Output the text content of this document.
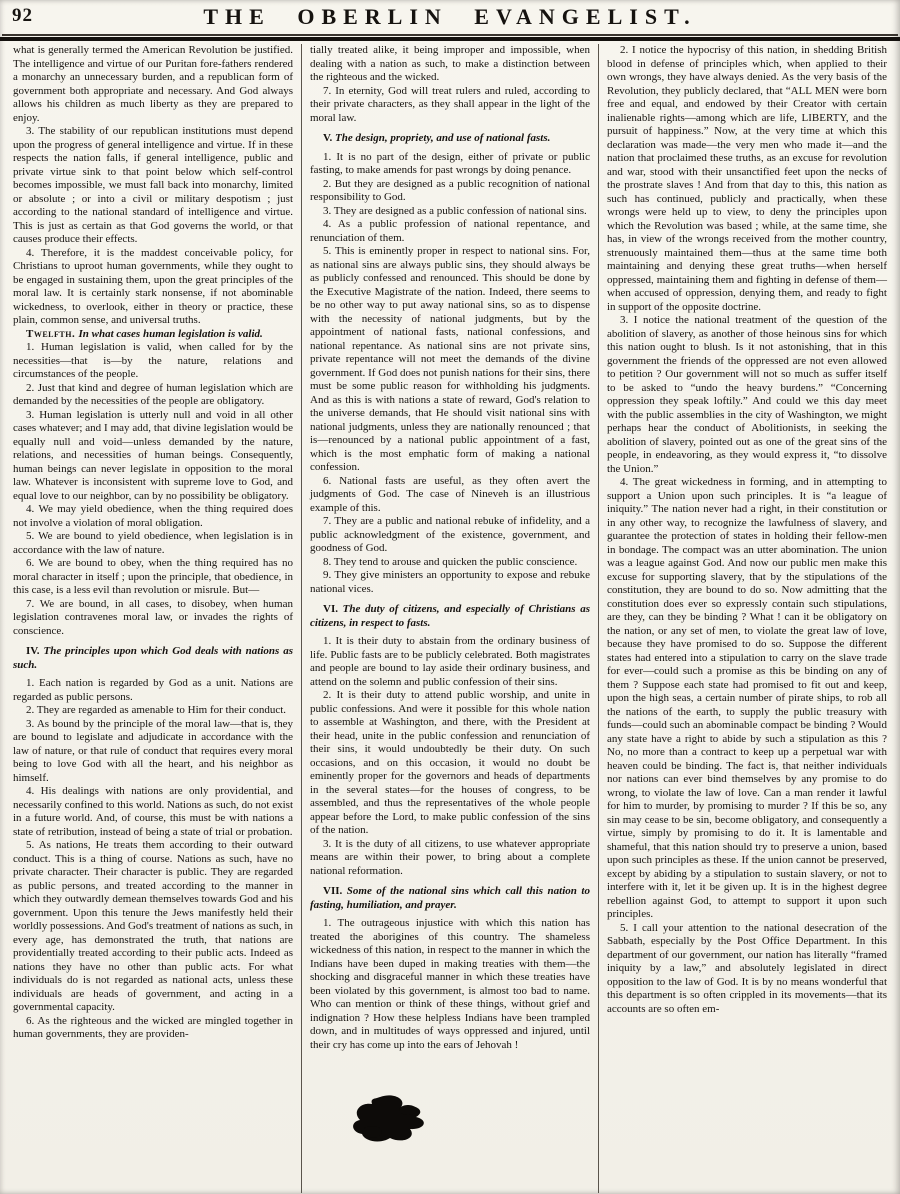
92	THE OBERLIN EVANGELIST.

what is generally termed the American Revolution be justified. The intelligence and virtue of our Puritan fore-fathers rendered a monarchy an unnecessary burden, and a republican form of government both appropriate and necessary. And God always allows his children as much liberty as they are prepared to enjoy.

3. The stability of our republican institutions must depend upon the progress of general intelligence and virtue. If in these respects the nation falls, if general intelligence, public and private virtue sink to that point below which self-control becomes impossible, we must fall back into monarchy, limited or absolute ; or into a civil or military despotism ; just according to the national standard of intelligence and virtue. This is just as certain as that God governs the world, or that causes produce their effects.

4. Therefore, it is the maddest conceivable policy, for Christians to uproot human governments, while they ought to be engaged in sustaining them, upon the great principles of the moral law. It is certainly stark nonsense, if not abominable wickedness, to overlook, either in theory or practice, these plain, common sense, and universal truths.

Twelfth. In what cases human legislation is valid.

1. Human legislation is valid, when called for by the necessities—that is—by the nature, relations and circumstances of the people.

2. Just that kind and degree of human legislation which are demanded by the necessities of the people are obligatory.

3. Human legislation is utterly null and void in all other cases whatever; and I may add, that divine legislation would be equally null and void—unless demanded by the nature, relations, and necessities of human beings. Consequently, human beings can never legislate in opposition to the moral law. Whatever is inconsistent with supreme love to God, and equal love to our neighbor, can by no possibility be obligatory.

4. We may yield obedience, when the thing required does not involve a violation of moral obligation.

5. We are bound to yield obedience, when legislation is in accordance with the law of nature.

6. We are bound to obey, when the thing required has no moral character in itself ; upon the principle, that obedience, in this case, is a less evil than revolution or misrule. But—

7. We are bound, in all cases, to disobey, when human legislation contravenes moral law, or invades the rights of conscience.

IV. The principles upon which God deals with nations as such.

1. Each nation is regarded by God as a unit. Nations are regarded as public persons.

2. They are regarded as amenable to Him for their conduct.

3. As bound by the principle of the moral law—that is, they are bound to legislate and adjudicate in accordance with the law of nature, or that rule of conduct that requires every moral being to love God with all the heart, and his neighbor as himself.

4. His dealings with nations are only providential, and necessarily confined to this world. Nations as such, do not exist in a future world. And, of course, this must be with nations a state of retribution, instead of being a state of trial or probation.

5. As nations, He treats them according to their outward conduct. This is a thing of course. Nations as such, have no private character. Their character is public. They are regarded as public persons, and treated according to the manner in which they outwardly demean themselves towards God and his government. Upon this tenure the Jews manifestly held their worldly possessions. And God's treatment of nations as such, in every age, has demonstrated the truth, that nations are providentially treated according to their public acts. Indeed as nations they have no other than public acts. For what individuals do is not regarded as national acts, unless these individuals are heads of government, and acting in a governmental capacity.

6. As the righteous and the wicked are mingled together in human governments, they are providen-

tially treated alike, it being improper and impossible, when dealing with a nation as such, to make a distinction between the righteous and the wicked.

7. In eternity, God will treat rulers and ruled, according to their private characters, as they shall appear in the light of the moral law.

V. The design, propriety, and use of national fasts.

1. It is no part of the design, either of private or public fasting, to make amends for past wrongs by doing penance.

2. But they are designed as a public recognition of national responsibility to God.

3. They are designed as a public confession of national sins.

4. As a public profession of national repentance, and renunciation of them.

5. This is eminently proper in respect to national sins. For, as national sins are always public sins, they should always be as publicly confessed and renounced. This should be done by the Executive Magistrate of the nation. Indeed, there seems to be no other way to put away national sins, so as to dispense with the necessity of national judgments, but by the appointment of national fasts, national confessions, and national repentance. As national sins are not private sins, private repentance will not meet the demands of the divine government. If God does not punish nations for their sins, there must be some public reason for withholding his judgments. And as this is with nations a state of reward, God's relation to the universe demands, that He should visit national sins with national judgments, unless they are nationally renounced ; that is—renounced by a national public appointment of a fast, which is the most emphatic form of making a national confession.

6. National fasts are useful, as they often avert the judgments of God. The case of Nineveh is an illustrious example of this.

7. They are a public and national rebuke of infidelity, and a public acknowledgment of the existence, government, and goodness of God.

8. They tend to arouse and quicken the public conscience.

9. They give ministers an opportunity to expose and rebuke national vices.

VI. The duty of citizens, and especially of Christians as citizens, in respect to fasts.

1. It is their duty to abstain from the ordinary business of life. Public fasts are to be publicly celebrated. Both magistrates and people are bound to lay aside their ordinary business, and attend on the solemn and public confession of their sins.

2. It is their duty to attend public worship, and unite in public confessions. And were it possible for this whole nation to assemble at Washington, and there, with the President at their head, unite in the public confession and renunciation of their sins, it would undoubtedly be their duty. On such occasions, and on this occasion, it would no doubt be eminently proper for the governors and heads of departments in the several states—for the houses of congress, to be assembled, and thus the representatives of the whole people appear before the Lord, to make public confession of the sins of the nation.

3. It is the duty of all citizens, to use whatever appropriate means are within their power, to bring about a complete national reformation.

VII. Some of the national sins which call this nation to fasting, humiliation, and prayer.

1. The outrageous injustice with which this nation has treated the aborigines of this country. The shameless wickedness of this nation, in respect to the manner in which the Indians have been duped in making treaties with them—the shocking and disgraceful manner in which these treaties have been violated by this government, is almost too bad to name. Who can mention or think of these things, without grief and indignation ? How these helpless Indians have been trampled down, and in multitudes of ways oppressed and injured, until their cry has come up into the ears of Jehovah !

2. I notice the hypocrisy of this nation, in shedding British blood in defense of principles which, when applied to their own wrongs, they have always denied. As the very basis of the Revolution, they publicly declared, that “ALL MEN were born free and equal, and endowed by their Creator with certain inalienable rights—among which are life, LIBERTY, and the pursuit of happiness.” Now, at the very time at which this declaration was made—the very men who made it—and the nation that proclaimed these truths, as an excuse for revolution and war, stood with their unsanctified feet upon the necks of the prostrate slaves ! And from that day to this, this nation as such has continued, publicly and practically, when these wrongs were held up to view, to deny the principles upon which the Revolution was based ; while, at the same time, she has, in view of the wrongs received from the mother country, strenuously maintained them—thus at the same time both maintaining and denying these great truths—when herself oppressed, maintaining them and fighting in defense of them—when accused of oppression, denying them, and ready to fight in support of the opposite doctrine.

3. I notice the national treatment of the question of the abolition of slavery, as another of those heinous sins for which this nation ought to blush. Is it not astonishing, that in this government the friends of the oppressed are not even allowed to petition ? Our government will not so much as suffer itself to be asked to “undo the heavy burdens.” “Concerning oppression they speak loftily.” And could we this day meet with the public assemblies in the city of Washington, we might perhaps hear the conduct of Abolitionists, in seeking the abolition of slavery, pointed out as one of the great sins of the people, in endeavoring, as they would express it, “to dissolve the Union.”

4. The great wickedness in forming, and in attempting to support a Union upon such principles. It is “a league of iniquity.” The nation never had a right, in their constitution or in any other way, to recognize the lawfulness of slavery, and guarantee the protection of states in holding their fellow-men in bondage. The compact was an utter abomination. The union was a league against God. And now our public men make this excuse for supporting slavery, that by the stipulations of the constitution, they are bound to do so. Now admitting that the constitution does ever so expressly contain such stipulations, are they, can they be binding ? What ! can it be obligatory on the nation, or any set of men, to violate the great law of love, because they have promised to do so. Suppose the different states had entered into a stipulation to carry on the slave trade for ever—could such a promise as this be binding on any of them ? Suppose each state had promised to fit out and keep, upon the high seas, a certain number of pirate ships, to rob all the nations of the earth, to supply the public treasury with funds—could such an abominable compact be binding ? Would any state have a right to abide by such a stipulation as this ? No, no more than a contract to keep up a perpetual war with heaven could be binding. The fact is, that neither individuals nor nations can ever bind themselves by any promise to do wrong, to violate the law of love. Can a man render it lawful for him to murder, by promising to murder ? If this be so, any sin may cease to be sin, become obligatory, and consequently a virtue, simply by promising to do it. It is lamentable and shameful, that this nation should try to preserve a union, based upon such principles as these. If the union cannot be preserved, except by abiding by a stipulation to sustain slavery, or not to interfere with it, let it be given up. It is in the highest degree rebellion against God, to attempt to support it upon such principles.

5. I call your attention to the national desecration of the Sabbath, especially by the Post Office Department. In this department of our government, our nation has literally “framed iniquity by a law,” and absolutely legislated in direct opposition to the law of God. It is by no means wonderful that this department is so often crippled in its movements—that its accounts are so often em-
